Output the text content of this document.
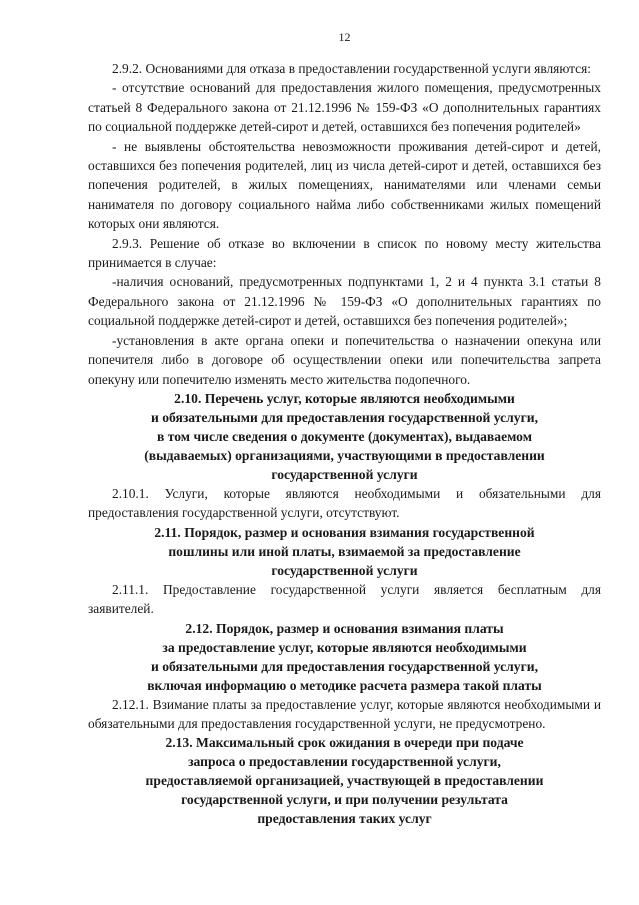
12

2.9.2. Основаниями для отказа в предоставлении государственной услуги являются:

- отсутствие оснований для предоставления жилого помещения, предусмотренных статьей 8 Федерального закона от 21.12.1996 № 159-ФЗ «О дополнительных гарантиях по социальной поддержке детей-сирот и детей, оставшихся без попечения родителей»

- не выявлены обстоятельства невозможности проживания детей-сирот и детей, оставшихся без попечения родителей, лиц из числа детей-сирот и детей, оставшихся без попечения родителей, в жилых помещениях, нанимателями или членами семьи нанимателя по договору социального найма либо собственниками жилых помещений которых они являются.

2.9.3. Решение об отказе во включении в список по новому месту жительства принимается в случае:

-наличия оснований, предусмотренных подпунктами 1, 2 и 4 пункта 3.1 статьи 8 Федерального закона от 21.12.1996 № 159-ФЗ «О дополнительных гарантиях по социальной поддержке детей-сирот и детей, оставшихся без попечения родителей»;

-установления в акте органа опеки и попечительства о назначении опекуна или попечителя либо в договоре об осуществлении опеки или попечительства запрета опекуну или попечителю изменять место жительства подопечного.

2.10. Перечень услуг, которые являются необходимыми
и обязательными для предоставления государственной услуги,
в том числе сведения о документе (документах), выдаваемом
(выдаваемых) организациями, участвующими в предоставлении
государственной услуги

2.10.1. Услуги, которые являются необходимыми и обязательными для предоставления государственной услуги, отсутствуют.

2.11. Порядок, размер и основания взимания государственной
пошлины или иной платы, взимаемой за предоставление
государственной услуги

2.11.1. Предоставление государственной услуги является бесплатным для заявителей.

2.12. Порядок, размер и основания взимания платы
за предоставление услуг, которые являются необходимыми
и обязательными для предоставления государственной услуги,
включая информацию о методике расчета размера такой платы

2.12.1. Взимание платы за предоставление услуг, которые являются необходимыми и обязательными для предоставления государственной услуги, не предусмотрено.

2.13. Максимальный срок ожидания в очереди при подаче
запроса о предоставлении государственной услуги,
предоставляемой организацией, участвующей в предоставлении
государственной услуги, и при получении результата
предоставления таких услуг
